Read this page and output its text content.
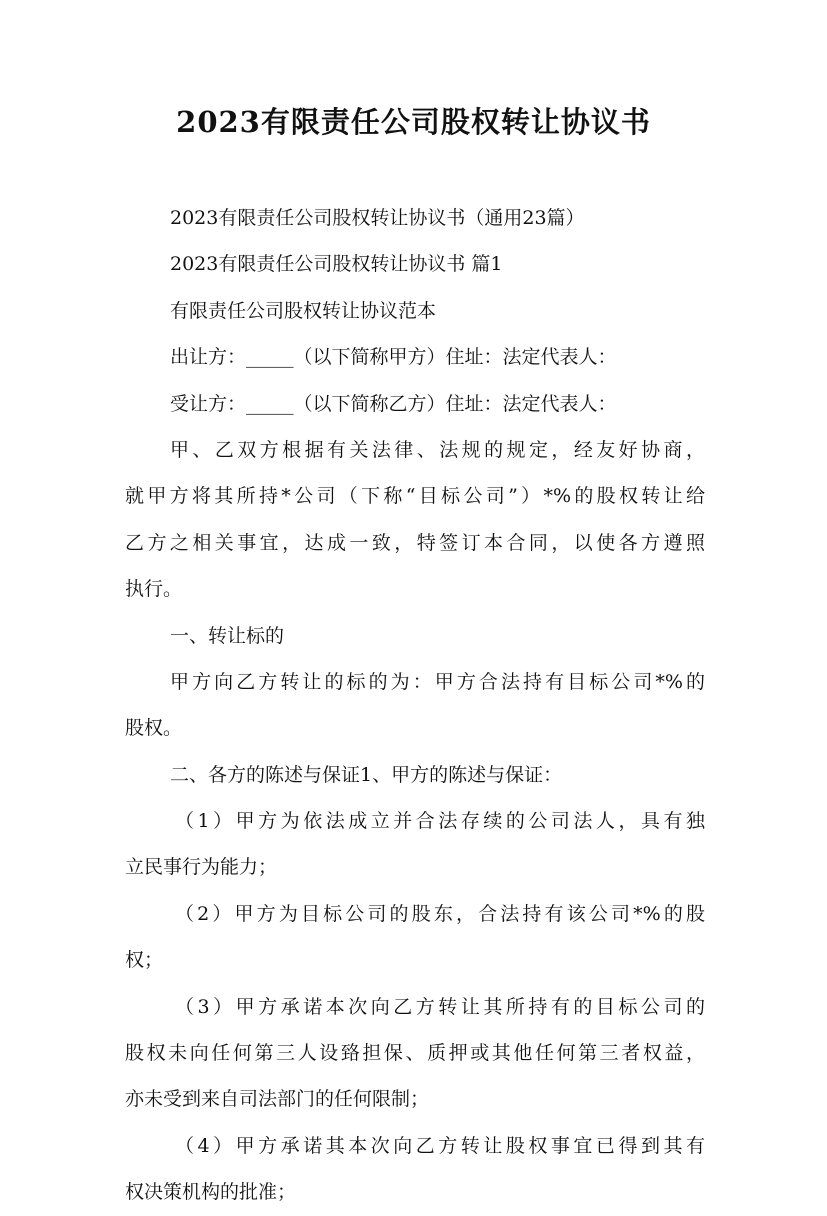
2023有限责任公司股权转让协议书
2023有限责任公司股权转让协议书（通用23篇）
2023有限责任公司股权转让协议书 篇1
有限责任公司股权转让协议范本
出让方：_____（以下简称甲方）住址：法定代表人：
受让方：_____（以下简称乙方）住址：法定代表人：
甲、乙双方根据有关法律、法规的规定，经友好协商，
就甲方将其所持*公司（下称“目标公司”）*%的股权转让给
乙方之相关事宜，达成一致，特签订本合同，以使各方遵照
执行。
一、转让标的
甲方向乙方转让的标的为：甲方合法持有目标公司*%的
股权。
二、各方的陈述与保证1、甲方的陈述与保证：
（1）甲方为依法成立并合法存续的公司法人，具有独
立民事行为能力；
（2）甲方为目标公司的股东，合法持有该公司*%的股
权；
（3）甲方承诺本次向乙方转让其所持有的目标公司的
股权未向任何第三人设臵担保、质押或其他任何第三者权益，
亦未受到来自司法部门的任何限制；
（4）甲方承诺其本次向乙方转让股权事宜已得到其有
权决策机构的批准；
